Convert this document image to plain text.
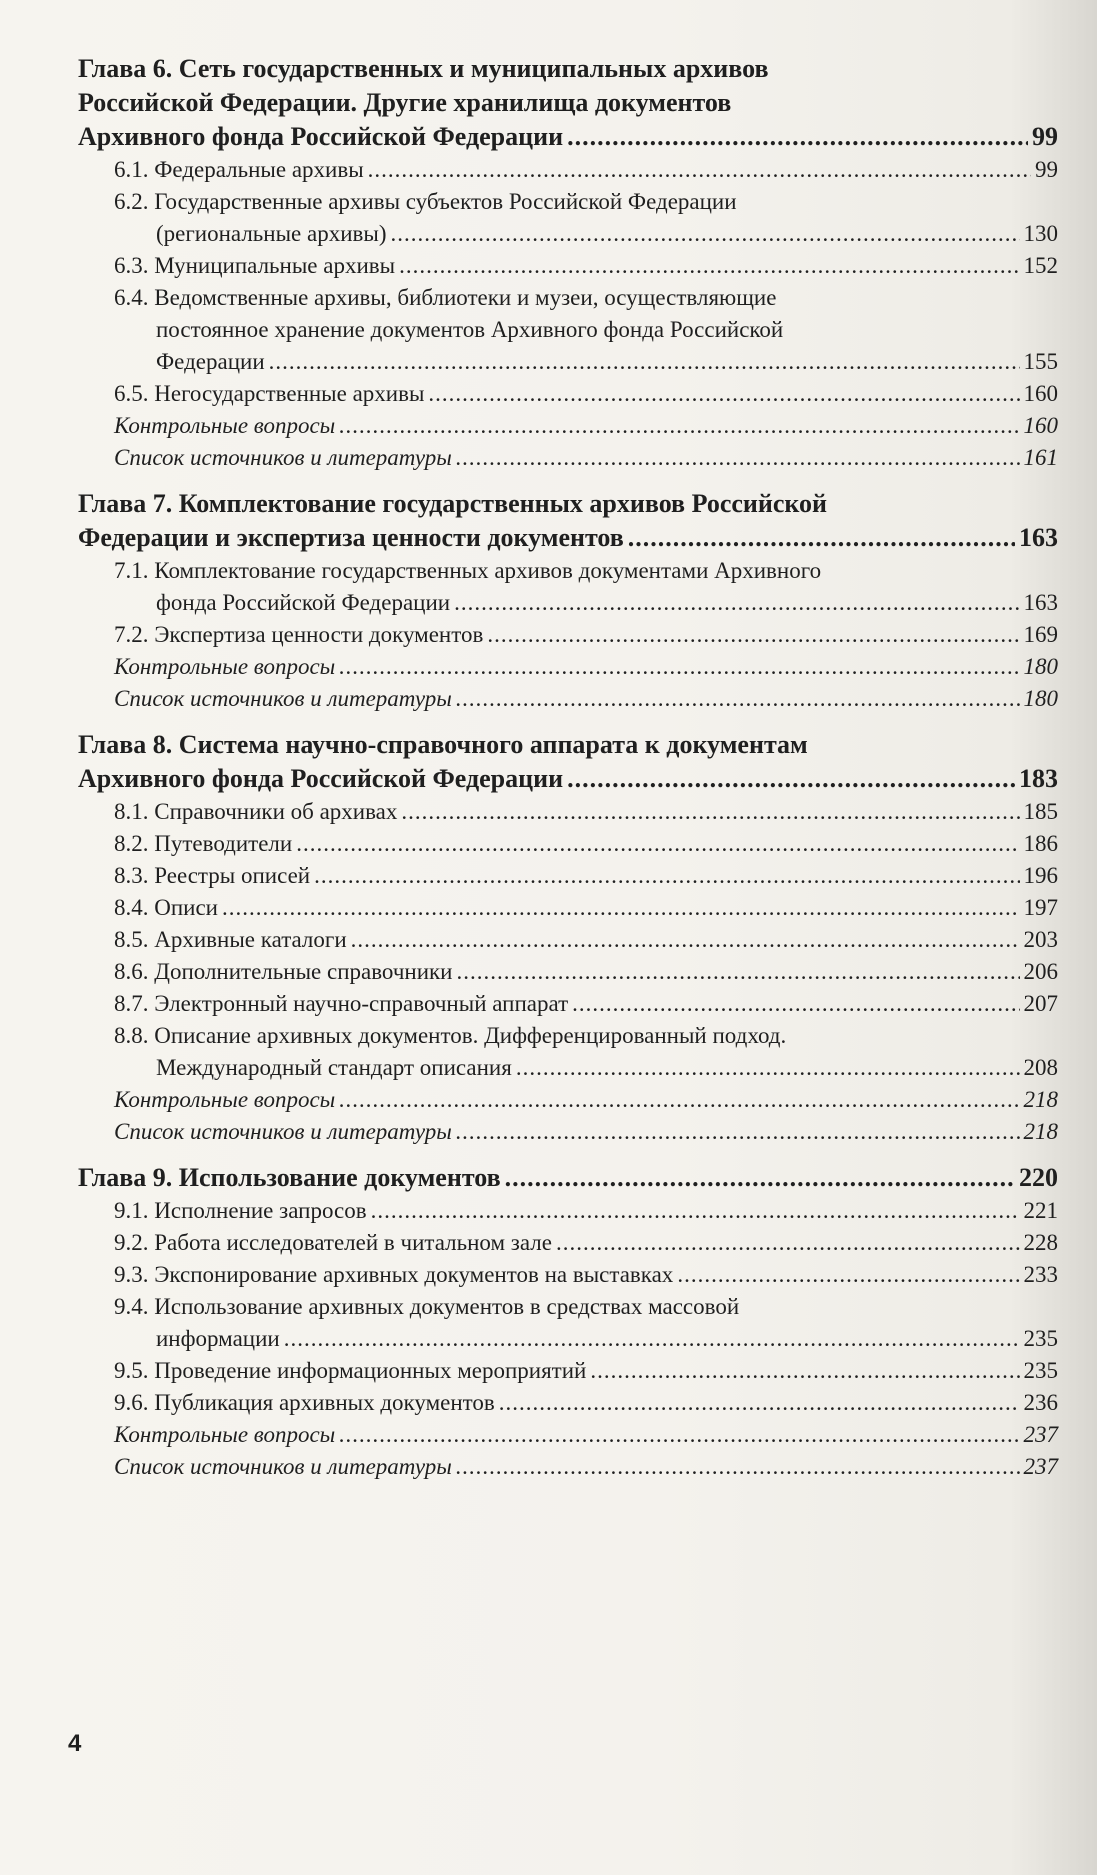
Глава 6. Сеть государственных и муниципальных архивов
Российской Федерации. Другие хранилища документов
Архивного фонда Российской Федерации .....	99
6.1. Федеральные архивы .....	99
6.2. Государственные архивы субъектов Российской Федерации
(региональные архивы) .....	130
6.3. Муниципальные архивы .....	152
6.4. Ведомственные архивы, библиотеки и музеи, осуществляющие
постоянное хранение документов Архивного фонда Российской
Федерации .....	155
6.5. Негосударственные архивы .....	160
Контрольные вопросы .....	160
Список источников и литературы .....	161
Глава 7. Комплектование государственных архивов Российской
Федерации и экспертиза ценности документов .....	163
7.1. Комплектование государственных архивов документами Архивного
фонда Российской Федерации .....	163
7.2. Экспертиза ценности документов .....	169
Контрольные вопросы .....	180
Список источников и литературы .....	180
Глава 8. Система научно-справочного аппарата к документам
Архивного фонда Российской Федерации .....	183
8.1. Справочники об архивах .....	185
8.2. Путеводители .....	186
8.3. Реестры описей .....	196
8.4. Описи .....	197
8.5. Архивные каталоги .....	203
8.6. Дополнительные справочники .....	206
8.7. Электронный научно-справочный аппарат .....	207
8.8. Описание архивных документов. Дифференцированный подход.
Международный стандарт описания .....	208
Контрольные вопросы .....	218
Список источников и литературы .....	218
Глава 9. Использование документов .....	220
9.1. Исполнение запросов .....	221
9.2. Работа исследователей в читальном зале .....	228
9.3. Экспонирование архивных документов на выставках .....	233
9.4. Использование архивных документов в средствах массовой
информации .....	235
9.5. Проведение информационных мероприятий .....	235
9.6. Публикация архивных документов .....	236
Контрольные вопросы .....	237
Список источников и литературы .....	237
4
